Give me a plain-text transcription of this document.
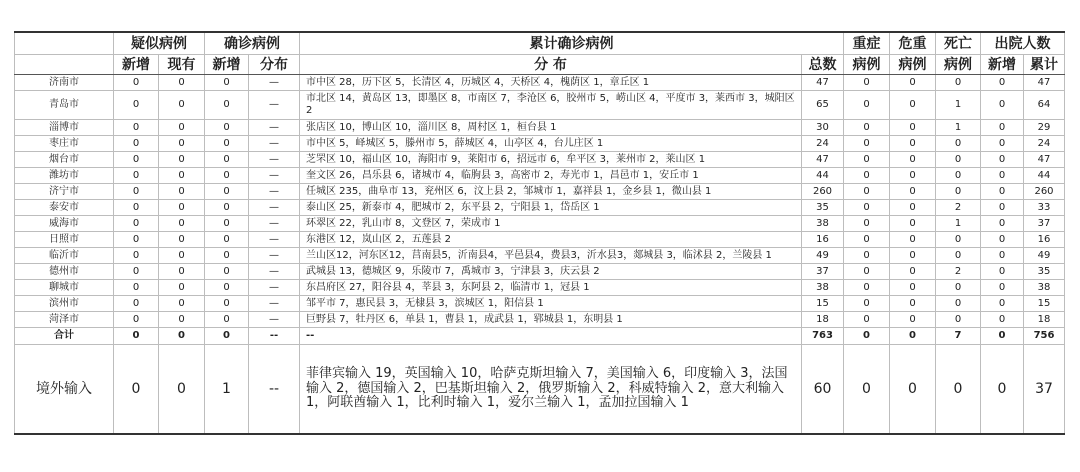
	疑似病例		确诊病例		累计确诊病例		重症	危重	死亡	出院人数	
	新增	现有	新增	分布	分 布	总数	病例	病例	病例	新增	累计
济南市	0	0	0	—	市中区 28，历下区 5，长清区 4，历城区 4，天桥区 4，槐荫区 1，章丘区 1	47	0	0	0	0	47
青岛市	0	0	0	—	市北区 14，黄岛区 13，即墨区 8，市南区 7，李沧区 6，胶州市 5，崂山区 4，平度市 3，莱西市 3，城阳区 2	65	0	0	1	0	64
淄博市	0	0	0	—	张店区 10，博山区 10，淄川区 8，周村区 1，桓台县 1	30	0	0	1	0	29
枣庄市	0	0	0	—	市中区 5，峄城区 5，滕州市 5，薛城区 4，山亭区 4，台儿庄区 1	24	0	0	0	0	24
烟台市	0	0	0	—	芝罘区 10，福山区 10，海阳市 9，莱阳市 6，招远市 6，牟平区 3，莱州市 2，莱山区 1	47	0	0	0	0	47
潍坊市	0	0	0	—	奎文区 26，昌乐县 6，诸城市 4，临朐县 3，高密市 2，寿光市 1，昌邑市 1，安丘市 1	44	0	0	0	0	44
济宁市	0	0	0	—	任城区 235，曲阜市 13，兖州区 6，汶上县 2，邹城市 1，嘉祥县 1，金乡县 1，微山县 1	260	0	0	0	0	260
泰安市	0	0	0	—	泰山区 25，新泰市 4，肥城市 2，东平县 2，宁阳县 1，岱岳区 1	35	0	0	2	0	33
威海市	0	0	0	—	环翠区 22，乳山市 8，文登区 7，荣成市 1	38	0	0	1	0	37
日照市	0	0	0	—	东港区 12，岚山区 2，五莲县 2	16	0	0	0	0	16
临沂市	0	0	0	—	兰山区12，河东区12，莒南县5，沂南县4，平邑县4，费县3，沂水县3，郯城县 3，临沭县 2，兰陵县 1	49	0	0	0	0	49
德州市	0	0	0	—	武城县 13，德城区 9，乐陵市 7，禹城市 3，宁津县 3，庆云县 2	37	0	0	2	0	35
聊城市	0	0	0	—	东昌府区 27，阳谷县 4，莘县 3，东阿县 2，临清市 1，冠县 1	38	0	0	0	0	38
滨州市	0	0	0	—	邹平市 7，惠民县 3，无棣县 3，滨城区 1，阳信县 1	15	0	0	0	0	15
菏泽市	0	0	0	—	巨野县 7，牡丹区 6，单县 1，曹县 1，成武县 1，郓城县 1，东明县 1	18	0	0	0	0	18
合计	0	0	0	--	--	763	0	0	7	0	756
境外输入	0	0	1	--	菲律宾输入 19，英国输入 10，哈萨克斯坦输入 7，美国输入 6，印度输入 3，法国输入 2，德国输入 2，巴基斯坦输入 2，俄罗斯输入 2，科威特输入 2，意大利输入 1，阿联酋输入 1，比利时输入 1，爱尔兰输入 1，孟加拉国输入 1	60	0	0	0	0	37
